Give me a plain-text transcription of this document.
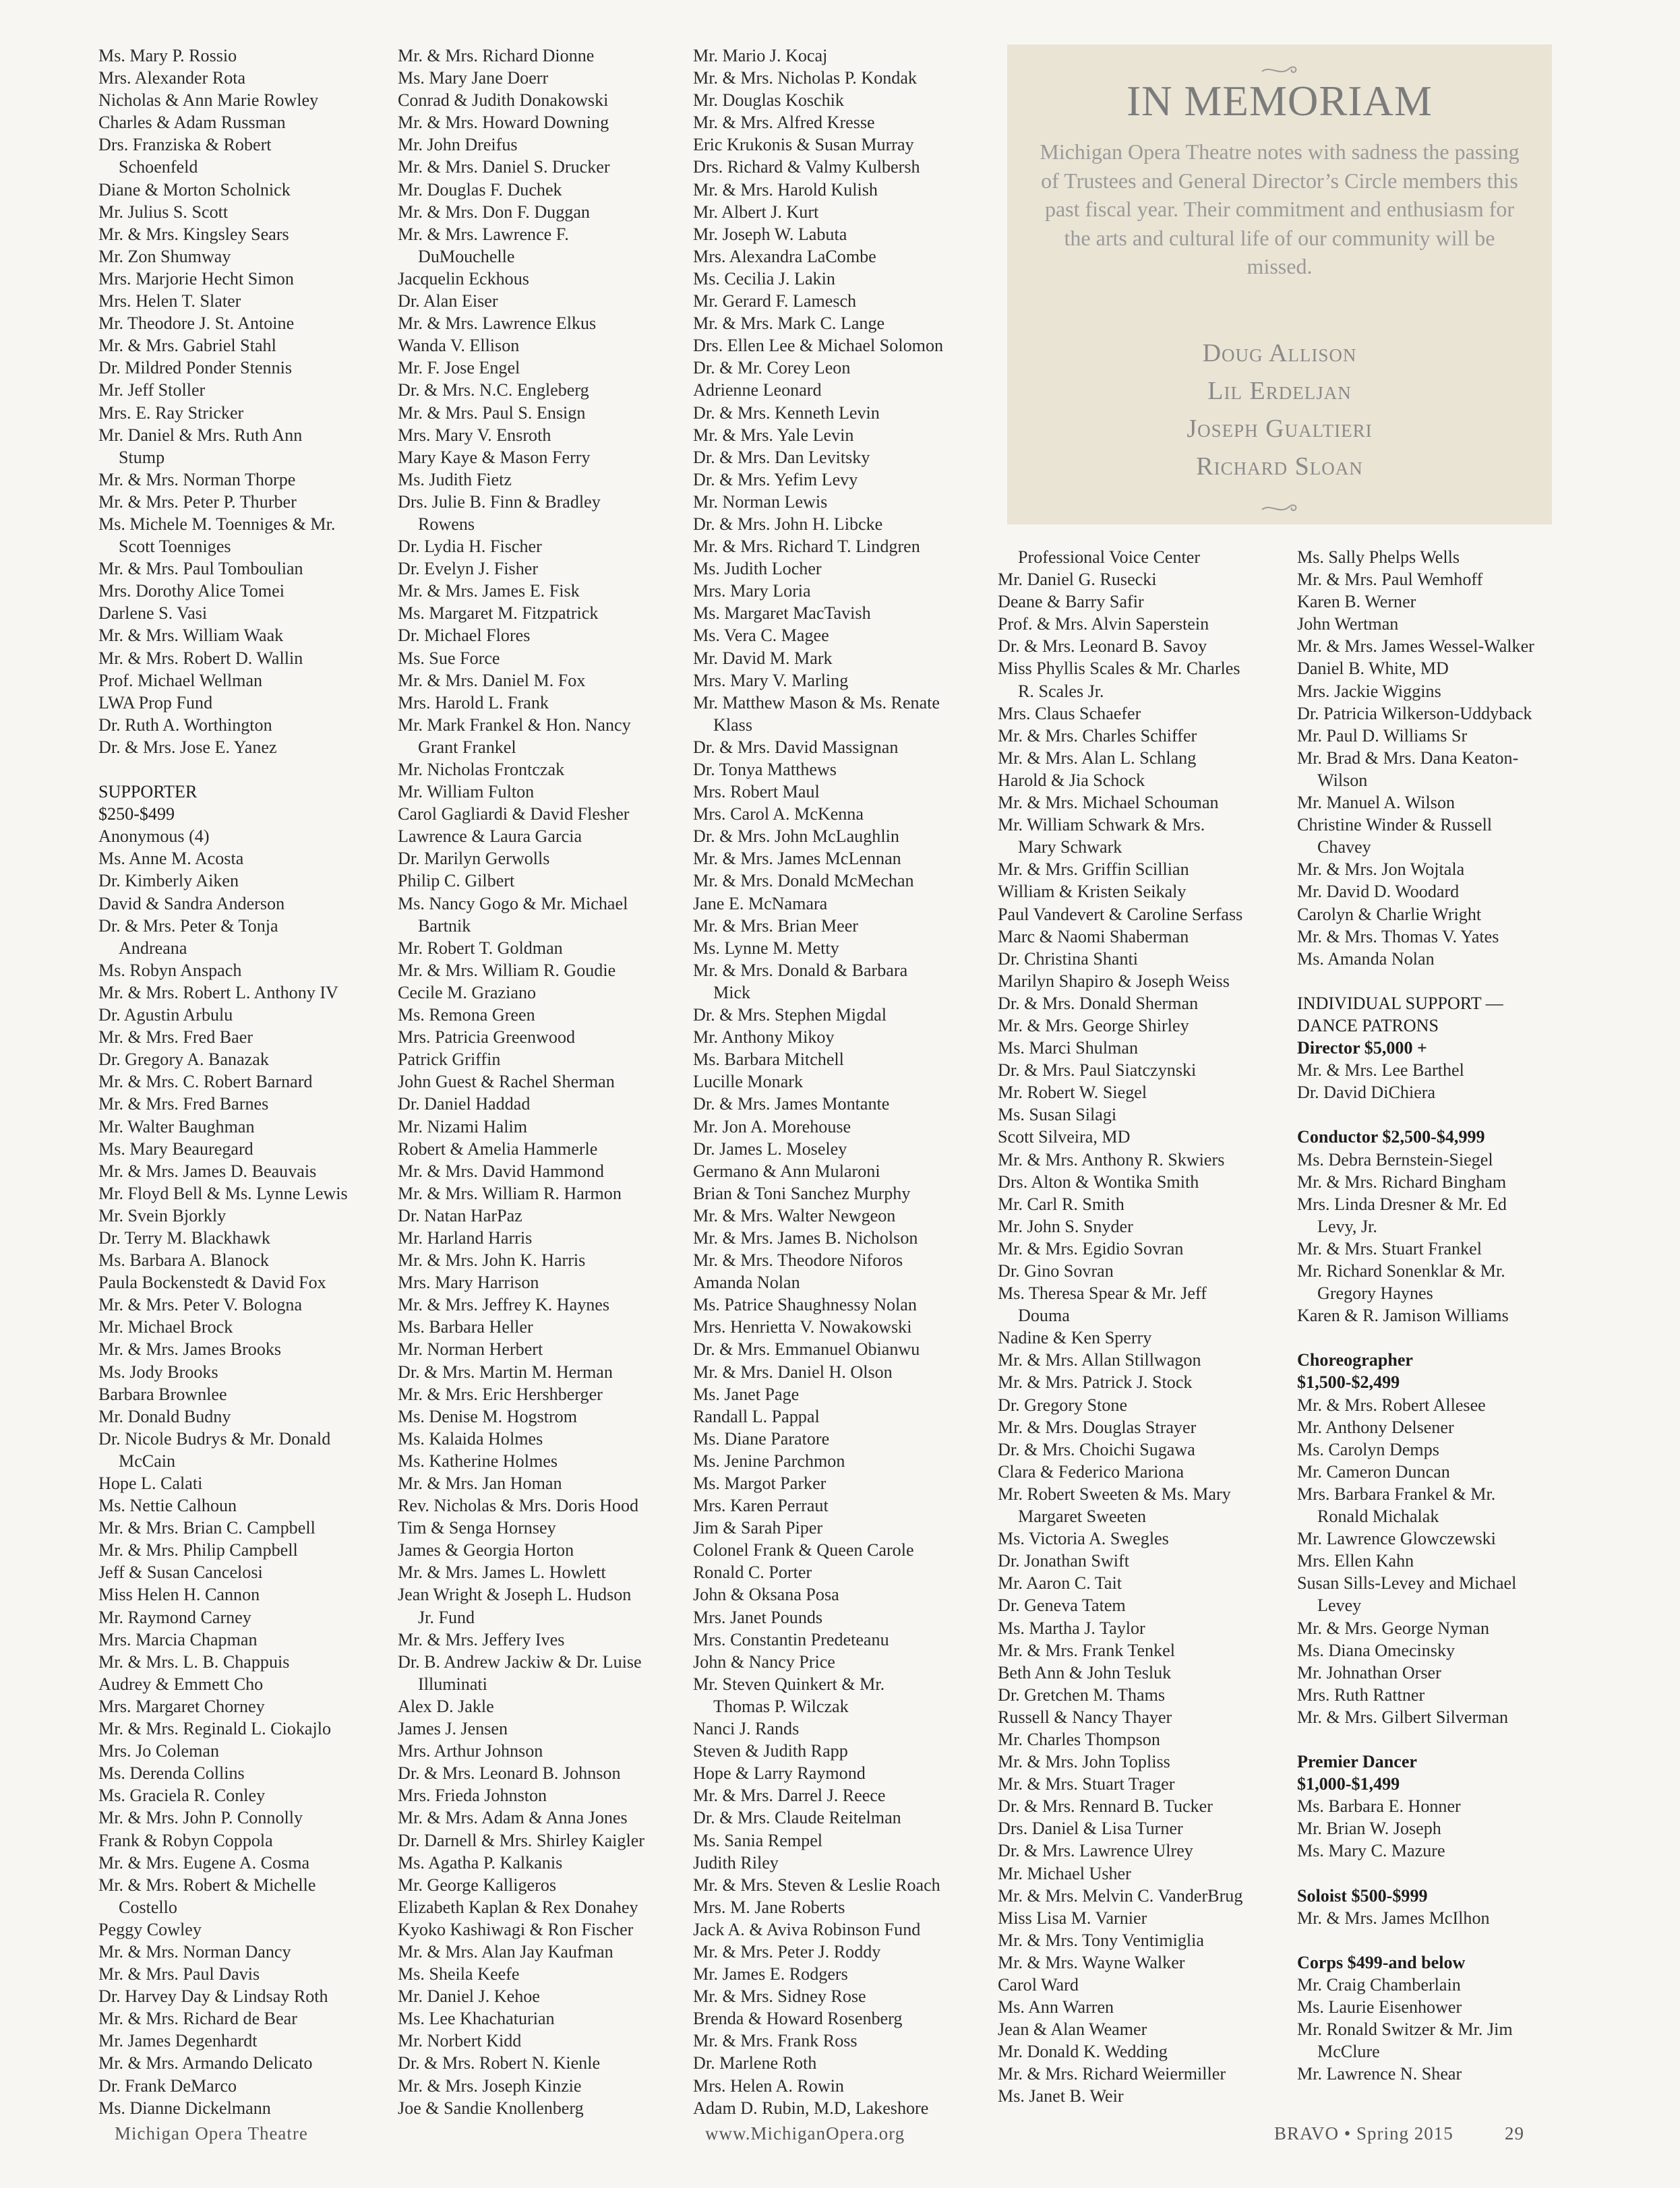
Ms. Mary P. Rossio
Mrs. Alexander Rota
Nicholas & Ann Marie Rowley
Charles & Adam Russman
Drs. Franziska & Robert
Schoenfeld
Diane & Morton Scholnick
Mr. Julius S. Scott
Mr. & Mrs. Kingsley Sears
Mr. Zon Shumway
Mrs. Marjorie Hecht Simon
Mrs. Helen T. Slater
Mr. Theodore J. St. Antoine
Mr. & Mrs. Gabriel Stahl
Dr. Mildred Ponder Stennis
Mr. Jeff Stoller
Mrs. E. Ray Stricker
Mr. Daniel & Mrs. Ruth Ann
Stump
Mr. & Mrs. Norman Thorpe
Mr. & Mrs. Peter P. Thurber
Ms. Michele M. Toenniges & Mr.
Scott Toenniges
Mr. & Mrs. Paul Tomboulian
Mrs. Dorothy Alice Tomei
Darlene S. Vasi
Mr. & Mrs. William Waak
Mr. & Mrs. Robert D. Wallin
Prof. Michael Wellman
LWA Prop Fund
Dr. Ruth A. Worthington
Dr. & Mrs. Jose E. Yanez
SUPPORTER
$250-$499
Anonymous (4)
Ms. Anne M. Acosta
Dr. Kimberly Aiken
David & Sandra Anderson
Dr. & Mrs. Peter & Tonja
Andreana
Ms. Robyn Anspach
Mr. & Mrs. Robert L. Anthony IV
Dr. Agustin Arbulu
Mr. & Mrs. Fred Baer
Dr. Gregory A. Banazak
Mr. & Mrs. C. Robert Barnard
Mr. & Mrs. Fred Barnes
Mr. Walter Baughman
Ms. Mary Beauregard
Mr. & Mrs. James D. Beauvais
Mr. Floyd Bell & Ms. Lynne Lewis
Mr. Svein Bjorkly
Dr. Terry M. Blackhawk
Ms. Barbara A. Blanock
Paula Bockenstedt & David Fox
Mr. & Mrs. Peter V. Bologna
Mr. Michael Brock
Mr. & Mrs. James Brooks
Ms. Jody Brooks
Barbara Brownlee
Mr. Donald Budny
Dr. Nicole Budrys & Mr. Donald
McCain
Hope L. Calati
Ms. Nettie Calhoun
Mr. & Mrs. Brian C. Campbell
Mr. & Mrs. Philip Campbell
Jeff & Susan Cancelosi
Miss Helen H. Cannon
Mr. Raymond Carney
Mrs. Marcia Chapman
Mr. & Mrs. L. B. Chappuis
Audrey & Emmett Cho
Mrs. Margaret Chorney
Mr. & Mrs. Reginald L. Ciokajlo
Mrs. Jo Coleman
Ms. Derenda Collins
Ms. Graciela R. Conley
Mr. & Mrs. John P. Connolly
Frank & Robyn Coppola
Mr. & Mrs. Eugene A. Cosma
Mr. & Mrs. Robert & Michelle
Costello
Peggy Cowley
Mr. & Mrs. Norman Dancy
Mr. & Mrs. Paul Davis
Dr. Harvey Day & Lindsay Roth
Mr. & Mrs. Richard de Bear
Mr. James Degenhardt
Mr. & Mrs. Armando Delicato
Dr. Frank DeMarco
Ms. Dianne Dickelmann
Mr. & Mrs. Richard Dionne
Ms. Mary Jane Doerr
Conrad & Judith Donakowski
Mr. & Mrs. Howard Downing
Mr. John Dreifus
Mr. & Mrs. Daniel S. Drucker
Mr. Douglas F. Duchek
Mr. & Mrs. Don F. Duggan
Mr. & Mrs. Lawrence F.
DuMouchelle
Jacquelin Eckhous
Dr. Alan Eiser
Mr. & Mrs. Lawrence Elkus
Wanda V. Ellison
Mr. F. Jose Engel
Dr. & Mrs. N.C. Engleberg
Mr. & Mrs. Paul S. Ensign
Mrs. Mary V. Ensroth
Mary Kaye & Mason Ferry
Ms. Judith Fietz
Drs. Julie B. Finn & Bradley
Rowens
Dr. Lydia H. Fischer
Dr. Evelyn J. Fisher
Mr. & Mrs. James E. Fisk
Ms. Margaret M. Fitzpatrick
Dr. Michael Flores
Ms. Sue Force
Mr. & Mrs. Daniel M. Fox
Mrs. Harold L. Frank
Mr. Mark Frankel & Hon. Nancy
Grant Frankel
Mr. Nicholas Frontczak
Mr. William Fulton
Carol Gagliardi & David Flesher
Lawrence & Laura Garcia
Dr. Marilyn Gerwolls
Philip C. Gilbert
Ms. Nancy Gogo & Mr. Michael
Bartnik
Mr. Robert T. Goldman
Mr. & Mrs. William R. Goudie
Cecile M. Graziano
Ms. Remona Green
Mrs. Patricia Greenwood
Patrick Griffin
John Guest & Rachel Sherman
Dr. Daniel Haddad
Mr. Nizami Halim
Robert & Amelia Hammerle
Mr. & Mrs. David Hammond
Mr. & Mrs. William R. Harmon
Dr. Natan HarPaz
Mr. Harland Harris
Mr. & Mrs. John K. Harris
Mrs. Mary Harrison
Mr. & Mrs. Jeffrey K. Haynes
Ms. Barbara Heller
Mr. Norman Herbert
Dr. & Mrs. Martin M. Herman
Mr. & Mrs. Eric Hershberger
Ms. Denise M. Hogstrom
Ms. Kalaida Holmes
Ms. Katherine Holmes
Mr. & Mrs. Jan Homan
Rev. Nicholas & Mrs. Doris Hood
Tim & Senga Hornsey
James & Georgia Horton
Mr. & Mrs. James L. Howlett
Jean Wright & Joseph L. Hudson
Jr. Fund
Mr. & Mrs. Jeffery Ives
Dr. B. Andrew Jackiw & Dr. Luise
Illuminati
Alex D. Jakle
James J. Jensen
Mrs. Arthur Johnson
Dr. & Mrs. Leonard B. Johnson
Mrs. Frieda Johnston
Mr. & Mrs. Adam & Anna Jones
Dr. Darnell & Mrs. Shirley Kaigler
Ms. Agatha P. Kalkanis
Mr. George Kalligeros
Elizabeth Kaplan & Rex Donahey
Kyoko Kashiwagi & Ron Fischer
Mr. & Mrs. Alan Jay Kaufman
Ms. Sheila Keefe
Mr. Daniel J. Kehoe
Ms. Lee Khachaturian
Mr. Norbert Kidd
Dr. & Mrs. Robert N. Kienle
Mr. & Mrs. Joseph Kinzie
Joe & Sandie Knollenberg
Mr. Mario J. Kocaj
Mr. & Mrs. Nicholas P. Kondak
Mr. Douglas Koschik
Mr. & Mrs. Alfred Kresse
Eric Krukonis & Susan Murray
Drs. Richard & Valmy Kulbersh
Mr. & Mrs. Harold Kulish
Mr. Albert J. Kurt
Mr. Joseph W. Labuta
Mrs. Alexandra LaCombe
Ms. Cecilia J. Lakin
Mr. Gerard F. Lamesch
Mr. & Mrs. Mark C. Lange
Drs. Ellen Lee & Michael Solomon
Dr. & Mr. Corey Leon
Adrienne Leonard
Dr. & Mrs. Kenneth Levin
Mr. & Mrs. Yale Levin
Dr. & Mrs. Dan Levitsky
Dr. & Mrs. Yefim Levy
Mr. Norman Lewis
Dr. & Mrs. John H. Libcke
Mr. & Mrs. Richard T. Lindgren
Ms. Judith Locher
Mrs. Mary Loria
Ms. Margaret MacTavish
Ms. Vera C. Magee
Mr. David M. Mark
Mrs. Mary V. Marling
Mr. Matthew Mason & Ms. Renate
Klass
Dr. & Mrs. David Massignan
Dr. Tonya Matthews
Mrs. Robert Maul
Mrs. Carol A. McKenna
Dr. & Mrs. John McLaughlin
Mr. & Mrs. James McLennan
Mr. & Mrs. Donald McMechan
Jane E. McNamara
Mr. & Mrs. Brian Meer
Ms. Lynne M. Metty
Mr. & Mrs. Donald & Barbara
Mick
Dr. & Mrs. Stephen Migdal
Mr. Anthony Mikoy
Ms. Barbara Mitchell
Lucille Monark
Dr. & Mrs. James Montante
Mr. Jon A. Morehouse
Dr. James L. Moseley
Germano & Ann Mularoni
Brian & Toni Sanchez Murphy
Mr. & Mrs. Walter Newgeon
Mr. & Mrs. James B. Nicholson
Mr. & Mrs. Theodore Niforos
Amanda Nolan
Ms. Patrice Shaughnessy Nolan
Mrs. Henrietta V. Nowakowski
Dr. & Mrs. Emmanuel Obianwu
Mr. & Mrs. Daniel H. Olson
Ms. Janet Page
Randall L. Pappal
Ms. Diane Paratore
Ms. Jenine Parchmon
Ms. Margot Parker
Mrs. Karen Perraut
Jim & Sarah Piper
Colonel Frank & Queen Carole
Ronald C. Porter
John & Oksana Posa
Mrs. Janet Pounds
Mrs. Constantin Predeteanu
John & Nancy Price
Mr. Steven Quinkert & Mr.
Thomas P. Wilczak
Nanci J. Rands
Steven & Judith Rapp
Hope & Larry Raymond
Mr. & Mrs. Darrel J. Reece
Dr. & Mrs. Claude Reitelman
Ms. Sania Rempel
Judith Riley
Mr. & Mrs. Steven & Leslie Roach
Mrs. M. Jane Roberts
Jack A. & Aviva Robinson Fund
Mr. & Mrs. Peter J. Roddy
Mr. James E. Rodgers
Mr. & Mrs. Sidney Rose
Brenda & Howard Rosenberg
Mr. & Mrs. Frank Ross
Dr. Marlene Roth
Mrs. Helen A. Rowin
Adam D. Rubin, M.D, Lakeshore
IN MEMORIAM
Michigan Opera Theatre notes with sadness the passing of Trustees and General Director’s Circle members this past fiscal year. Their commitment and enthusiasm for the arts and cultural life of our community will be missed.
Doug Allison
Lil Erdeljan
Joseph Gualtieri
Richard Sloan
Professional Voice Center
Mr. Daniel G. Rusecki
Deane & Barry Safir
Prof. & Mrs. Alvin Saperstein
Dr. & Mrs. Leonard B. Savoy
Miss Phyllis Scales & Mr. Charles
R. Scales Jr.
Mrs. Claus Schaefer
Mr. & Mrs. Charles Schiffer
Mr. & Mrs. Alan L. Schlang
Harold & Jia Schock
Mr. & Mrs. Michael Schouman
Mr. William Schwark & Mrs.
Mary Schwark
Mr. & Mrs. Griffin Scillian
William & Kristen Seikaly
Paul Vandevert & Caroline Serfass
Marc & Naomi Shaberman
Dr. Christina Shanti
Marilyn Shapiro & Joseph Weiss
Dr. & Mrs. Donald Sherman
Mr. & Mrs. George Shirley
Ms. Marci Shulman
Dr. & Mrs. Paul Siatczynski
Mr. Robert W. Siegel
Ms. Susan Silagi
Scott Silveira, MD
Mr. & Mrs. Anthony R. Skwiers
Drs. Alton & Wontika Smith
Mr. Carl R. Smith
Mr. John S. Snyder
Mr. & Mrs. Egidio Sovran
Dr. Gino Sovran
Ms. Theresa Spear & Mr. Jeff
Douma
Nadine & Ken Sperry
Mr. & Mrs. Allan Stillwagon
Mr. & Mrs. Patrick J. Stock
Dr. Gregory Stone
Mr. & Mrs. Douglas Strayer
Dr. & Mrs. Choichi Sugawa
Clara & Federico Mariona
Mr. Robert Sweeten & Ms. Mary
Margaret Sweeten
Ms. Victoria A. Swegles
Dr. Jonathan Swift
Mr. Aaron C. Tait
Dr. Geneva Tatem
Ms. Martha J. Taylor
Mr. & Mrs. Frank Tenkel
Beth Ann & John Tesluk
Dr. Gretchen M. Thams
Russell & Nancy Thayer
Mr. Charles Thompson
Mr. & Mrs. John Topliss
Mr. & Mrs. Stuart Trager
Dr. & Mrs. Rennard B. Tucker
Drs. Daniel & Lisa Turner
Dr. & Mrs. Lawrence Ulrey
Mr. Michael Usher
Mr. & Mrs. Melvin C. VanderBrug
Miss Lisa M. Varnier
Mr. & Mrs. Tony Ventimiglia
Mr. & Mrs. Wayne Walker
Carol Ward
Ms. Ann Warren
Jean & Alan Weamer
Mr. Donald K. Wedding
Mr. & Mrs. Richard Weiermiller
Ms. Janet B. Weir
Ms. Sally Phelps Wells
Mr. & Mrs. Paul Wemhoff
Karen B. Werner
John Wertman
Mr. & Mrs. James Wessel-Walker
Daniel B. White, MD
Mrs. Jackie Wiggins
Dr. Patricia Wilkerson-Uddyback
Mr. Paul D. Williams Sr
Mr. Brad & Mrs. Dana Keaton-
Wilson
Mr. Manuel A. Wilson
Christine Winder & Russell
Chavey
Mr. & Mrs. Jon Wojtala
Mr. David D. Woodard
Carolyn & Charlie Wright
Mr. & Mrs. Thomas V. Yates
Ms. Amanda Nolan
INDIVIDUAL SUPPORT —
DANCE PATRONS
Director $5,000 +
Mr. & Mrs. Lee Barthel
Dr. David DiChiera
Conductor $2,500-$4,999
Ms. Debra Bernstein-Siegel
Mr. & Mrs. Richard Bingham
Mrs. Linda Dresner & Mr. Ed
Levy, Jr.
Mr. & Mrs. Stuart Frankel
Mr. Richard Sonenklar & Mr.
Gregory Haynes
Karen & R. Jamison Williams
Choreographer
$1,500-$2,499
Mr. & Mrs. Robert Allesee
Mr. Anthony Delsener
Ms. Carolyn Demps
Mr. Cameron Duncan
Mrs. Barbara Frankel & Mr.
Ronald Michalak
Mr. Lawrence Glowczewski
Mrs. Ellen Kahn
Susan Sills-Levey and Michael
Levey
Mr. & Mrs. George Nyman
Ms. Diana Omecinsky
Mr. Johnathan Orser
Mrs. Ruth Rattner
Mr. & Mrs. Gilbert Silverman
Premier Dancer
$1,000-$1,499
Ms. Barbara E. Honner
Mr. Brian W. Joseph
Ms. Mary C. Mazure
Soloist $500-$999
Mr. & Mrs. James McIlhon
Corps $499-and below
Mr. Craig Chamberlain
Ms. Laurie Eisenhower
Mr. Ronald Switzer & Mr. Jim
McClure
Mr. Lawrence N. Shear
Michigan Opera Theatre	www.MichiganOpera.org	BRAVO • Spring 2015	29
